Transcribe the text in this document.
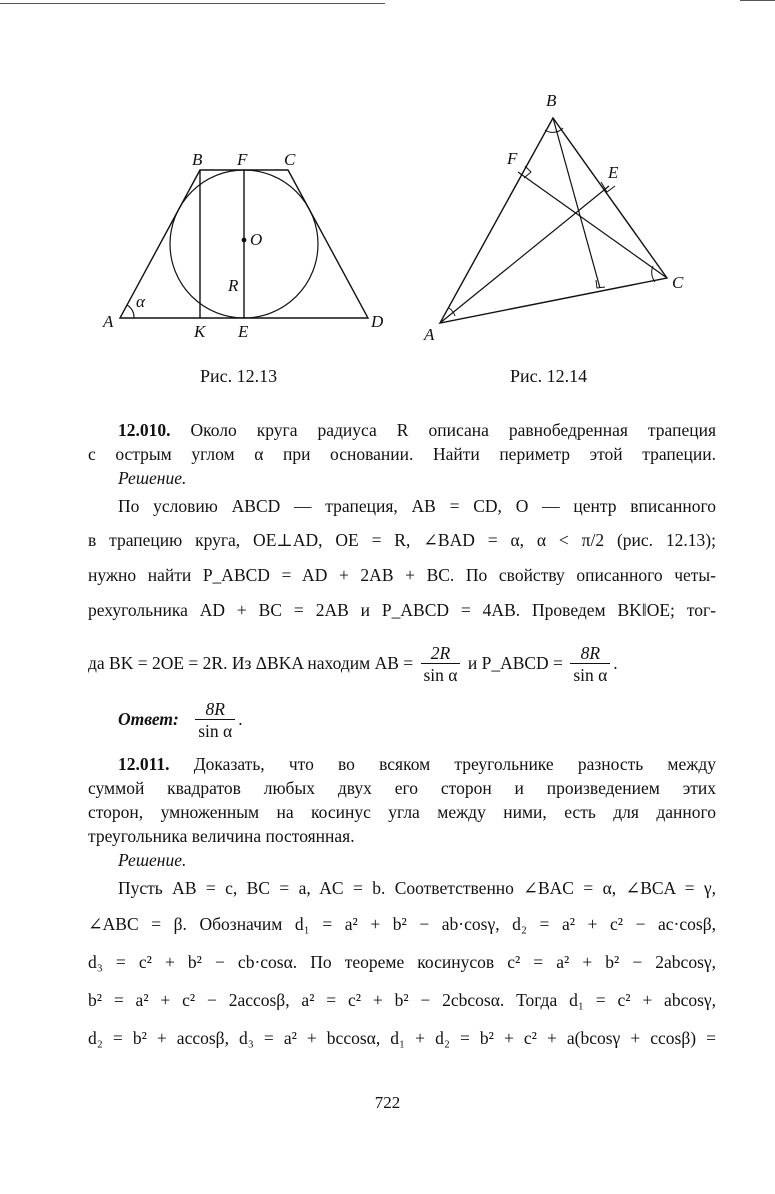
A
B F C
D
K E
O
R
α
Рис. 12.13
B
A
C
E
F
Рис. 12.14
12.010. Около круга радиуса R описана равнобедренная трапеция
с острым углом α при основании. Найти периметр этой трапеции.
Решение.
По условию ABCD — трапеция, AB = CD, O — центр вписанного
в трапецию круга, OE⊥AD, OE = R, ∠BAD = α, α < π/2 (рис. 12.13);
нужно найти P_ABCD = AD + 2AB + BC. По свойству описанного четы-
рехугольника AD + BC = 2AB и P_ABCD = 4AB. Проведем BK‖OE; тог-
да BK = 2OE = 2R. Из ΔBKA находим AB = $\frac{2R}{\text{sin α}}$ и P_ABCD = $\frac{8R}{\text{sin α}}$ .
Ответ: $\frac{8R}{\text{sin α}}$ .
12.011. Доказать, что во всяком треугольнике разность между
суммой квадратов любых двух его сторон и произведением этих
сторон, умноженным на косинус угла между ними, есть для данного
треугольника величина постоянная.
Решение.
Пусть AB = c, BC = a, AC = b. Соответственно ∠BAC = α, ∠BCA = γ,
∠ABC = β. Обозначим d₁ = a² + b² − ab·cosγ, d₂ = a² + c² − ac·cosβ,
d₃ = c² + b² − cb·cosα. По теореме косинусов c² = a² + b² − 2abcosγ,
b² = a² + c² − 2accosβ, a² = c² + b² − 2cbcosα. Тогда d₁ = c² + abcosγ,
d₂ = b² + accosβ, d₃ = a² + bccosα, d₁ + d₂ = b² + c² + a(bcosγ + ccosβ) =
722
